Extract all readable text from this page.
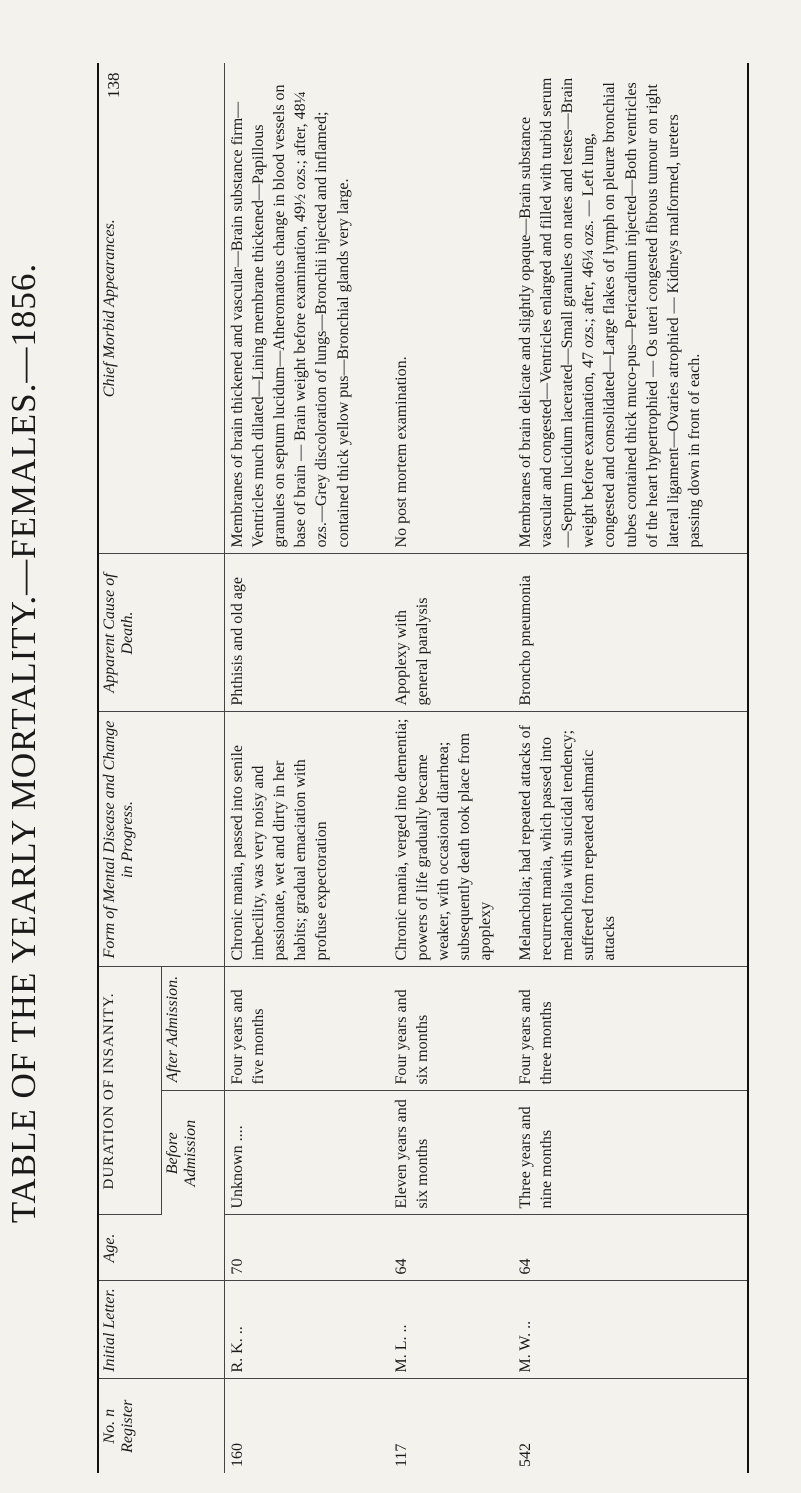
TABLE OF THE YEARLY MORTALITY.—FEMALES.—1856.
138
No. n Register	Initial Letter.	Age.	DURATION OF INSANITY.		Form of Mental Disease and Change in Progress.	Apparent Cause of Death.	Chief Morbid Appearances.
			Before Admission	After Admission.			
160	R. K. ..	70	Unknown ....	Four years and five months	Chronic mania, passed into senile imbecility, was very noisy and passionate, wet and dirty in her habits; gradual emaciation with profuse expectoration	Phthisis and old age	Membranes of brain thickened and vascular—Brain substance firm—Ventricles much dilated—Lining membrane thickened—Papillous granules on septum lucidum—Atheromatous change in blood vessels on base of brain — Brain weight before examination, 49½ ozs.; after, 48¼ ozs.—Grey discoloration of lungs—Bronchii injected and inflamed; contained thick yellow pus—Bronchial glands very large.
117	M. L. ..	64	Eleven years and six months	Four years and six months	Chronic mania, verged into dementia; powers of life gradually became weaker, with occasional diarrhœa; subsequently death took place from apoplexy	Apoplexy with general paralysis	No post mortem examination.
542	M. W. ..	64	Three years and nine months	Four years and three months	Melancholia; had repeated attacks of recurrent mania, which passed into melancholia with suicidal tendency; suffered from repeated asthmatic attacks	Broncho pneumonia	Membranes of brain delicate and slightly opaque—Brain substance vascular and congested—Ventricles enlarged and filled with turbid serum—Septum lucidum lacerated—Small granules on nates and testes—Brain weight before examination, 47 ozs.; after, 46¼ ozs. — Left lung, congested and consolidated—Large flakes of lymph on pleuræ bronchial tubes contained thick muco-pus—Pericardium injected—Both ventricles of the heart hypertrophied — Os uteri congested fibrous tumour on right lateral ligament—Ovaries atrophied — Kidneys malformed, ureters passing down in front of each.
